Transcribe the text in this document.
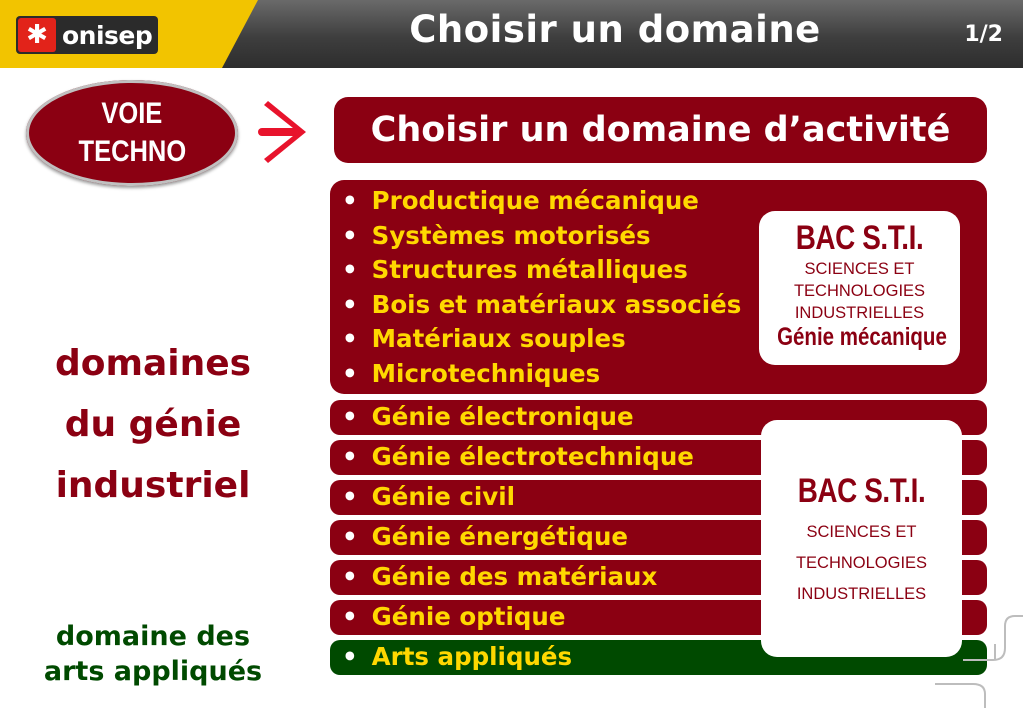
✱ onisep	Choisir un domaine	1/2
VOIE
TECHNO
Choisir un domaine d’activité
• Productique mécanique
• Systèmes motorisés
• Structures métalliques
• Bois et matériaux associés
• Matériaux souples
• Microtechniques
BAC S.T.I.
SCIENCES ET
TECHNOLOGIES
INDUSTRIELLES
Génie mécanique
• Génie électronique
• Génie électrotechnique
• Génie civil
• Génie énergétique
• Génie des matériaux
• Génie optique
• Arts appliqués
BAC S.T.I.
SCIENCES ET
TECHNOLOGIES
INDUSTRIELLES
domaines
du génie
industriel
domaine des
arts appliqués
